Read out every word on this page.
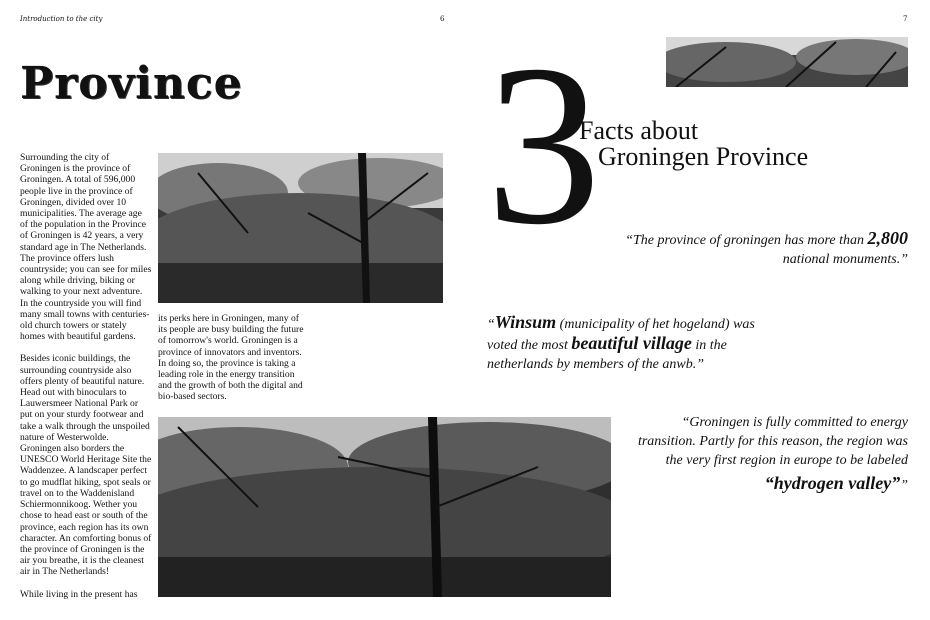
Introduction to the city	6	7
Province

Surrounding the city of Groningen is the province of Groningen. A total of 596,000 people live in the province of Groningen, divided over 10 municipalities. The average age of the population in the Province of Groningen is 42 years, a very standard age in The Netherlands. The province offers lush countryside; you can see for miles along while driving, biking or walking to your next adventure. In the countryside you will find many small towns with centuries-old church towers or stately homes with beautiful gardens.

Besides iconic buildings, the surrounding countryside also offers plenty of beautiful nature. Head out with binoculars to Lauwersmeer National Park or put on your sturdy footwear and take a walk through the unspoiled nature of Westerwolde. Groningen also borders the UNESCO World Heritage Site the Waddenzee. A landscaper perfect to go mudflat hiking, spot seals or travel on to the Waddenisland Schiermonnikoog. Wether you chose to head east or south of the province, each region has its own character. An comforting bonus of the province of Groningen is the air you breathe, it is the cleanest air in The Netherlands!

While living in the present has

its perks here in Groningen, many of its people are busy building the future of tomorrow's world. Groningen is a province of innovators and inventors. In doing so, the province is taking a leading role in the energy transition and the growth of both the digital and bio-based sectors.

3
Facts about
Groningen Province
“The province of groningen has more than 2,800 national monuments.”
“Winsum (municipality of het hogeland) was voted the most beautiful village in the netherlands by members of the anwb.”
“Groningen is fully committed to energy transition. Partly for this reason, the region was the very first region in europe to be labeled
“hydrogen valley””
